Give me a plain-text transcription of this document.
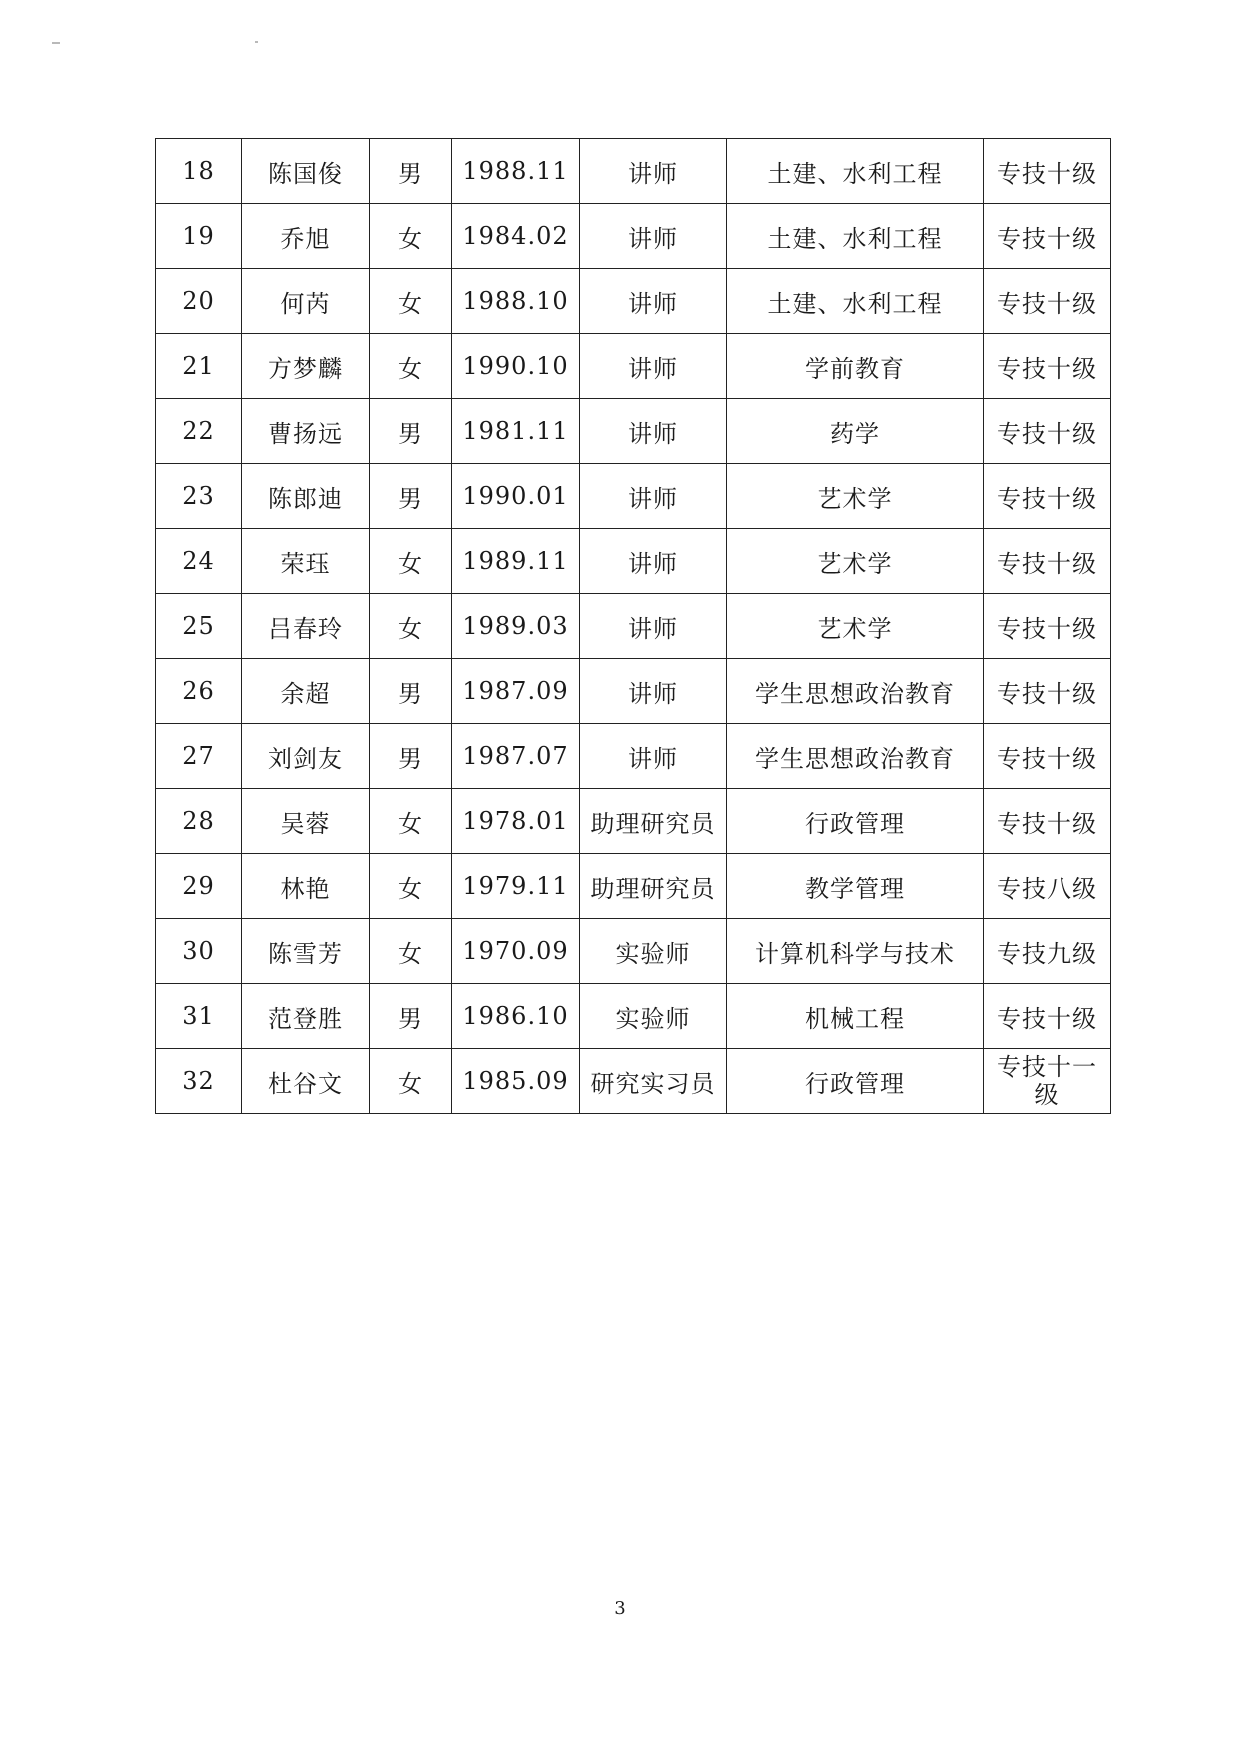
18	陈国俊	男	1988.11	讲师	土建、水利工程	专技十级
19	乔旭	女	1984.02	讲师	土建、水利工程	专技十级
20	何芮	女	1988.10	讲师	土建、水利工程	专技十级
21	方梦麟	女	1990.10	讲师	学前教育	专技十级
22	曹扬远	男	1981.11	讲师	药学	专技十级
23	陈郎迪	男	1990.01	讲师	艺术学	专技十级
24	荣珏	女	1989.11	讲师	艺术学	专技十级
25	吕春玲	女	1989.03	讲师	艺术学	专技十级
26	余超	男	1987.09	讲师	学生思想政治教育	专技十级
27	刘剑友	男	1987.07	讲师	学生思想政治教育	专技十级
28	吴蓉	女	1978.01	助理研究员	行政管理	专技十级
29	林艳	女	1979.11	助理研究员	教学管理	专技八级
30	陈雪芳	女	1970.09	实验师	计算机科学与技术	专技九级
31	范登胜	男	1986.10	实验师	机械工程	专技十级
32	杜谷文	女	1985.09	研究实习员	行政管理	专技十一级
3
